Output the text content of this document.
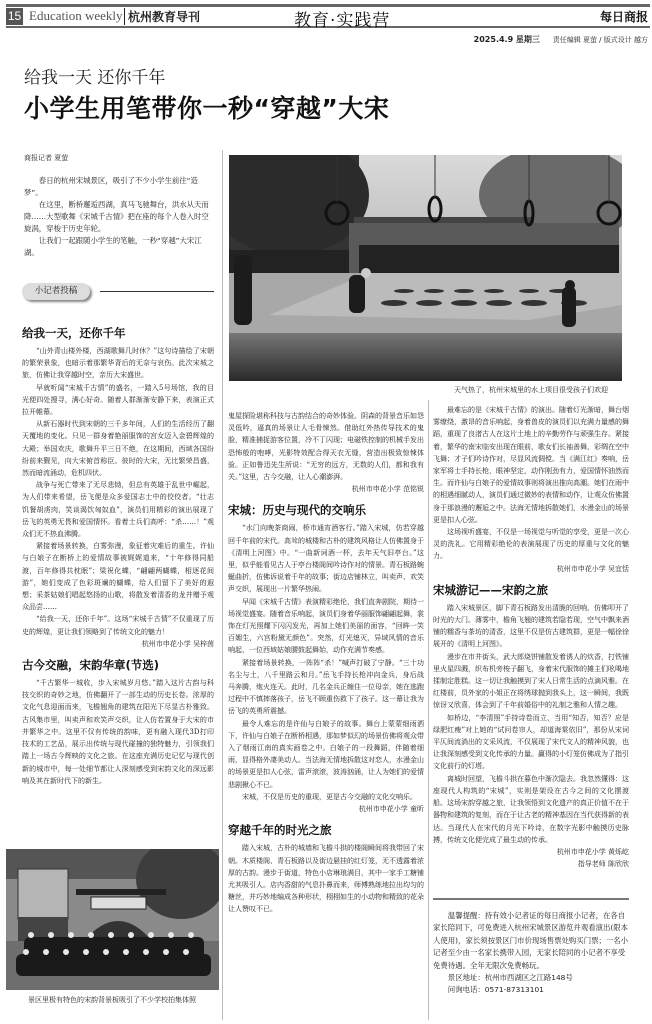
15 Education weekly 杭州教育导刊	教育·实践营	每日商报
2025.4.9 星期三 责任编辑 夏萤 / 版式设计 越方
给我一天 还你千年
小学生用笔带你一秒“穿越”大宋
商报记者 夏萤

春日的杭州宋城景区，吸引了不少小学生前往“造梦”。

在这里，断桥邂逅西湖，真马飞驰舞台，洪水从天而降……大型歌舞《宋城千古情》把在座的每个人卷入时空旋涡，穿梭于历史年轮。

让我们一起跟随小学生的笔触，一秒“穿越”大宋江湖。

小记者投稿
天气热了，杭州宋城里的水上项目很受孩子们欢迎
给我一天，还你千年

“山外青山楼外楼，西湖歌舞几时休？”这句诗描绘了宋朝的繁荣景象，也暗示着那繁华背后的无奈与哀伤。此次宋城之旅，仿佛让我穿越时空，亲历大宋盛世。

早就听闻“宋城千古情”的盛名，一踏入5号场馆，我的目光便四处搜寻，满心好奇。随着人群渐渐安静下来，表演正式拉开帷幕。

从新石器时代到宋朝的三千多年间，人们的生活经历了翻天覆地的变化。只见一群身着艳丽服饰的宫女迈入金碧辉煌的大殿；举国欢庆，歌舞升平三日不绝，在这期间，西域各国纷纷前来觐见，向大宋俯首称臣。彼时的大宋，无比繁荣昌盛，然而暗流涌动，危机四伏。

战争与死亡带来了无尽悲恸，但总有英雄于乱世中崛起，为人们带来希望，岳飞便是众多爱国志士中的佼佼者。“壮志饥餐胡虏肉，笑谈渴饮匈奴血”，演员们用精彩的演出展现了岳飞的英勇无畏和爱国情怀。看着士兵们高呼：“杀……！”观众们无不热血沸腾。

紧接着场景转换，白雾弥漫，象征着灾难后的重生。许仙与白娘子在断桥上的爱情故事被娓娓道来，“十年修得同船渡，百年修得共枕眠”；梁祝化蝶，“翩翩两蝴蝶，相逐花间游”，她们变成了色彩斑斓的蝴蝶，给人们留下了美好的遐想；采茶姑娘们唱起悠扬的山歌，将散发着清香的龙井赠予观众品尝……

“给我一天，还你千年”。这场“宋城千古情”不仅重现了历史的辉煌，更让我们领略到了传统文化的魅力！

杭州市申花小学 吴梓茵

古今交融，宋韵华章(节选)

“千古繁华一城收，步入宋城岁月悠。”踏入这片古韵与科技交织的奇妙之地，仿佛翻开了一部生动的历史长卷。浓厚的文化气息迎面而来，飞檐翘角的建筑在阳光下尽显古朴雅致。古风集市里，叫卖声和欢笑声交织，让人仿若置身于大宋的市井繁华之中。这里不仅有传统的韵味，更有融入现代3D打印技术的工艺品，展示出传统与现代碰撞的独特魅力，引领我们踏上一场古今辉映的文化之旅。在这座充满历史记忆与现代创新的城市中，每一处细节都让人深刻感受到宋韵文化的深远影响及其在新时代下的新生。

景区里极有特色的宋韵背景板吸引了不少学校拍集体照

鬼屋探险堪称科技与古韵结合的奇妙体验。阴森的背景音乐如怨灵低吟，逼真的场景让人毛骨悚然。借助红外热传导技术的鬼脸，精准捕捉游客位置，冷不丁闪现；电磁铁控制的机械手发出恐怖般的咆哮，光影特效配合得天衣无缝，营造出极致惊悚体验。正如鲁迅先生所说：“无穷的远方，无数的人们，都和我有关。”这里，古今交融，让人心潮澎湃。

杭州市申花小学 范铭锐

宋城：历史与现代的交响乐

“水门向晚茶商闹，桥市通宵酒客行。”踏入宋城，仿若穿越回千年前的宋代。高耸的城楼和古朴的建筑风格让人仿佛置身于《清明上河图》中。“一曲新词酒一杯，去年天气旧亭台。”这里，似乎能看见古人于亭台楼阁间吟诗作对的情景。青石板路蜿蜒曲折，仿佛诉说着千年的故事；街边店铺林立，叫卖声、欢笑声交织，展现出一片繁华热闹。

早闻《宋城千古情》表演精彩绝伦，我们直奔剧院，期待一场视觉盛宴。随着音乐响起，演员们身着华丽服饰翩翩起舞，裳饰在灯光照耀下闪闪发光，再加上她们美丽的面容，“回眸一笑百媚生，六宫粉黛无颜色”。突然，灯光熄灭，异域风情的音乐响起，一位西域姑娘腰鼓起舞始，动作充满节奏感。

紧接着场景转换，一阵阵“杀！”喊声打破了宁静。“三十功名尘与土，八千里路云和月。”岳飞手持长枪冲向金兵，身后战马奔腾，炮火连天。此时，几名金兵正缠住一位母亲，她在逃跑过程中不慎摔落孩子，岳飞不顾重伤救下了孩子。这一幕让我为岳飞的英勇所震撼。

最令人难忘的是许仙与白娘子的故事。舞台上蒙蒙细雨洒下，许仙与白娘子在断桥相遇，那如梦似幻的场景仿佛将观众带入了烟雨江南的真实画卷之中。白娘子的一段舞蹈，伴随着细雨，显得格外凄美动人。当法海无情地拆散这对恋人，水漫金山的场景更是扣人心弦，雷声滚滚，波涛汹涌，让人为她们的爱情悲剧揪心不已。

宋城，不仅是历史的重现，更是古今交融的文化交响乐。

杭州市申花小学 童昕

穿越千年的时光之旅

踏入宋城，古朴的城墙和飞檐斗拱的楼阁瞬间将我带回了宋朝。木质楼阁、青石板路以及街边悬挂的红灯笼，无不透露着浓厚的古韵。漫步于街道，特色小店琳琅满目，其中一家手工糖铺尤其吸引人。店内香甜的气息扑鼻而来，师傅熟练地拉出均匀的糖丝，并巧妙地编成各种形状，栩栩如生的小动物和精致的花朵让人赞叹不已。

最难忘的是《宋城千古情》的演出。随着灯光渐暗，舞台烟雾缭绕，激昂的音乐响起，身着兽皮的演员们以充满力量感的舞蹈，重现了良渚古人在这片土地上的辛勤劳作与顽强生存。紧接着，繁华的南宋临安出现在眼前，歌女们长袖善舞，彩绸在空中飞舞；才子们吟诗作对，尽显风流倜傥。当《满江红》奏响，岳家军将士手持长枪，眼神坚定，动作刚劲有力，爱国情怀油然而生。而许仙与白娘子的爱情故事则将演出推向高潮。她们在雨中的相遇细腻动人，演员们通过微妙的表情和动作，让观众仿佛置身于那浪漫的邂逅之中。法海无情地拆散她们，水漫金山的场景更是扣人心弦。

这场视听盛宴，不仅是一场视觉与听觉的享受，更是一次心灵的洗礼。它用精彩绝伦的表演展现了历史的厚重与文化的魅力。

杭州市申花小学 吴宜恬

宋城游记——宋韵之旅

踏入宋城景区，脚下青石板路发出清脆的回响，仿佛叩开了时光的大门。薄雾中，檐角飞翘的建筑若隐若现，空气中飘来酒铺的糯香与茶坊的清香，这里不仅是仿古建筑群，更是一幅徐徐展开的《清明上河图》。

漫步在市井街头，武大郎烧饼铺散发着诱人的炊香，打铁铺里火星四溅，织布机旁梭子翻飞，身着宋代服饰的摊主们吆喝地揉制定胜糕。这一切让我触摸到了宋人日常生活的点滴风雅。在红楼前，员外家的小姐正在将绣球抛到我头上，这一瞬间，我既惊讶又欣喜，体会到了千年前婚俗中的礼制之雅和人情之趣。

如桥边，“李清照”手持诗卷而立，当用“知否，知否？应是绿肥红瘦”对上她的“试问卷帘人，却道海棠依旧”，那份从宋词平仄间流淌出的文采风流，不仅展现了宋代文人的精神风貌，也让我深刻感受到文化传承的力量。赢得的小灯笼仿佛成为了指引文化前行的灯塔。

离城时回望，飞檐斗拱在暮色中渐次隐去。我忽然懂得：这座现代人构筑的“宋城”，实则是架设在古今之间的文化摆渡船。这场宋韵穿越之旅，让我领悟到文化遗产的真正价值不在于器物和建筑的复刻，而在于让古老的精神基因在当代获得新的表达。当现代人在宋代的月光下吟诗，在数字光影中触摸历史脉搏，传统文化便完成了最生动的传承。

杭州市申花小学 黄烁屹

指导老师 陈欣欣

温馨提醒：持有效小记者证的每日商报小记者，在各自家长陪同下，可免费进入杭州宋城景区游览并观看演出(限本人使用)，家长须按景区门市价现场售票处购买门票；一名小记者至少由一名家长携带入园，无家长陪同的小记者不享受免费待遇。全年无限次免费畅玩。

景区地址：杭州市西湖区之江路148号

问询电话：0571-87313101
